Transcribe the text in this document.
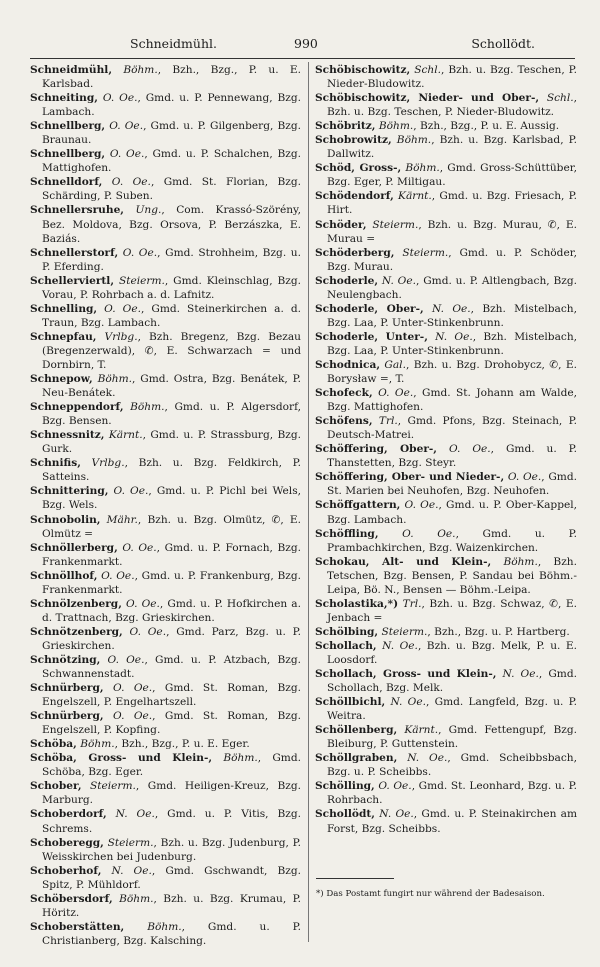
Schneidmühl.	990	Schollödt.

Schneidmühl, Böhm., Bzh., Bzg., P. u. E. Karlsbad.

Schneiting, O. Oe., Gmd. u. P. Pennewang, Bzg. Lambach.

Schnellberg, O. Oe., Gmd. u. P. Gilgenberg, Bzg. Braunau.

Schnellberg, O. Oe., Gmd. u. P. Schalchen, Bzg. Mattighofen.

Schnelldorf, O. Oe., Gmd. St. Florian, Bzg. Schärding, P. Suben.

Schnellersruhe, Ung., Com. Krassó-Szörény, Bez. Moldova, Bzg. Orsova, P. Berzászka, E. Baziás.

Schnellerstorf, O. Oe., Gmd. Strohheim, Bzg. u. P. Eferding.

Schellerviertl, Steierm., Gmd. Kleinschlag, Bzg. Vorau, P. Rohrbach a. d. Lafnitz.

Schnelling, O. Oe., Gmd. Steinerkirchen a. d. Traun, Bzg. Lambach.

Schnepfau, Vrlbg., Bzh. Bregenz, Bzg. Bezau (Bregenzerwald), ✆, E. Schwarzach = und Dornbirn, T.

Schnepow, Böhm., Gmd. Ostra, Bzg. Benátek, P. Neu-Benátek.

Schneppendorf, Böhm., Gmd. u. P. Algersdorf, Bzg. Bensen.

Schnessnitz, Kärnt., Gmd. u. P. Strassburg, Bzg. Gurk.

Schnifis, Vrlbg., Bzh. u. Bzg. Feldkirch, P. Satteins.

Schnittering, O. Oe., Gmd. u. P. Pichl bei Wels, Bzg. Wels.

Schnobolin, Mähr., Bzh. u. Bzg. Olmütz, ✆, E. Olmütz =

Schnöllerberg, O. Oe., Gmd. u. P. Fornach, Bzg. Frankenmarkt.

Schnöllhof, O. Oe., Gmd. u. P. Frankenburg, Bzg. Frankenmarkt.

Schnölzenberg, O. Oe., Gmd. u. P. Hofkirchen a. d. Trattnach, Bzg. Grieskirchen.

Schnötzenberg, O. Oe., Gmd. Parz, Bzg. u. P. Grieskirchen.

Schnötzing, O. Oe., Gmd. u. P. Atzbach, Bzg. Schwannenstadt.

Schnürberg, O. Oe., Gmd. St. Roman, Bzg. Engelszell, P. Engelhartszell.

Schnürberg, O. Oe., Gmd. St. Roman, Bzg. Engelszell, P. Kopfing.

Schöba, Böhm., Bzh., Bzg., P. u. E. Eger.

Schöba, Gross- und Klein-, Böhm., Gmd. Schöba, Bzg. Eger.

Schober, Steierm., Gmd. Heiligen-Kreuz, Bzg. Marburg.

Schoberdorf, N. Oe., Gmd. u. P. Vitis, Bzg. Schrems.

Schoberegg, Steierm., Bzh. u. Bzg. Judenburg, P. Weisskirchen bei Judenburg.

Schoberhof, N. Oe., Gmd. Gschwandt, Bzg. Spitz, P. Mühldorf.

Schöbersdorf, Böhm., Bzh. u. Bzg. Krumau, P. Höritz.

Schoberstätten, Böhm., Gmd. u. P. Christianberg, Bzg. Kalsching.

Schöbischowitz, Schl., Bzh. u. Bzg. Teschen, P. Nieder-Bludowitz.

Schöbischowitz, Nieder- und Ober-, Schl., Bzh. u. Bzg. Teschen, P. Nieder-Bludowitz.

Schöbritz, Böhm., Bzh., Bzg., P. u. E. Aussig.

Schobrowitz, Böhm., Bzh. u. Bzg. Karlsbad, P. Dallwitz.

Schöd, Gross-, Böhm., Gmd. Gross-Schüttüber, Bzg. Eger, P. Miltigau.

Schödendorf, Kärnt., Gmd. u. Bzg. Friesach, P. Hirt.

Schöder, Steierm., Bzh. u. Bzg. Murau, ✆, E. Murau =

Schöderberg, Steierm., Gmd. u. P. Schöder, Bzg. Murau.

Schoderle, N. Oe., Gmd. u. P. Altlengbach, Bzg. Neulengbach.

Schoderle, Ober-, N. Oe., Bzh. Mistelbach, Bzg. Laa, P. Unter-Stinkenbrunn.

Schoderle, Unter-, N. Oe., Bzh. Mistelbach, Bzg. Laa, P. Unter-Stinkenbrunn.

Schodnica, Gal., Bzh. u. Bzg. Drohobycz, ✆, E. Borysław =, T.

Schofeck, O. Oe., Gmd. St. Johann am Walde, Bzg. Mattighofen.

Schöfens, Trl., Gmd. Pfons, Bzg. Steinach, P. Deutsch-Matrei.

Schöffering, Ober-, O. Oe., Gmd. u. P. Thanstetten, Bzg. Steyr.

Schöffering, Ober- und Nieder-, O. Oe., Gmd. St. Marien bei Neuhofen, Bzg. Neuhofen.

Schöffgattern, O. Oe., Gmd. u. P. Ober-Kappel, Bzg. Lambach.

Schöffling, O. Oe., Gmd. u. P. Prambachkirchen, Bzg. Waizenkirchen.

Schokau, Alt- und Klein-, Böhm., Bzh. Tetschen, Bzg. Bensen, P. Sandau bei Böhm.-Leipa, Bö. N., Bensen — Böhm.-Leipa.

Scholastika,*) Trl., Bzh. u. Bzg. Schwaz, ✆, E. Jenbach =

Schölbing, Steierm., Bzh., Bzg. u. P. Hartberg.

Schollach, N. Oe., Bzh. u. Bzg. Melk, P. u. E. Loosdorf.

Schollach, Gross- und Klein-, N. Oe., Gmd. Schollach, Bzg. Melk.

Schöllbichl, N. Oe., Gmd. Langfeld, Bzg. u. P. Weitra.

Schöllenberg, Kärnt., Gmd. Fettengupf, Bzg. Bleiburg, P. Guttenstein.

Schöllgraben, N. Oe., Gmd. Scheibbsbach, Bzg. u. P. Scheibbs.

Schölling, O. Oe., Gmd. St. Leonhard, Bzg. u. P. Rohrbach.

Schollödt, N. Oe., Gmd. u. P. Steinakirchen am Forst, Bzg. Scheibbs.

*) Das Postamt fungirt nur während der Badesaison.
